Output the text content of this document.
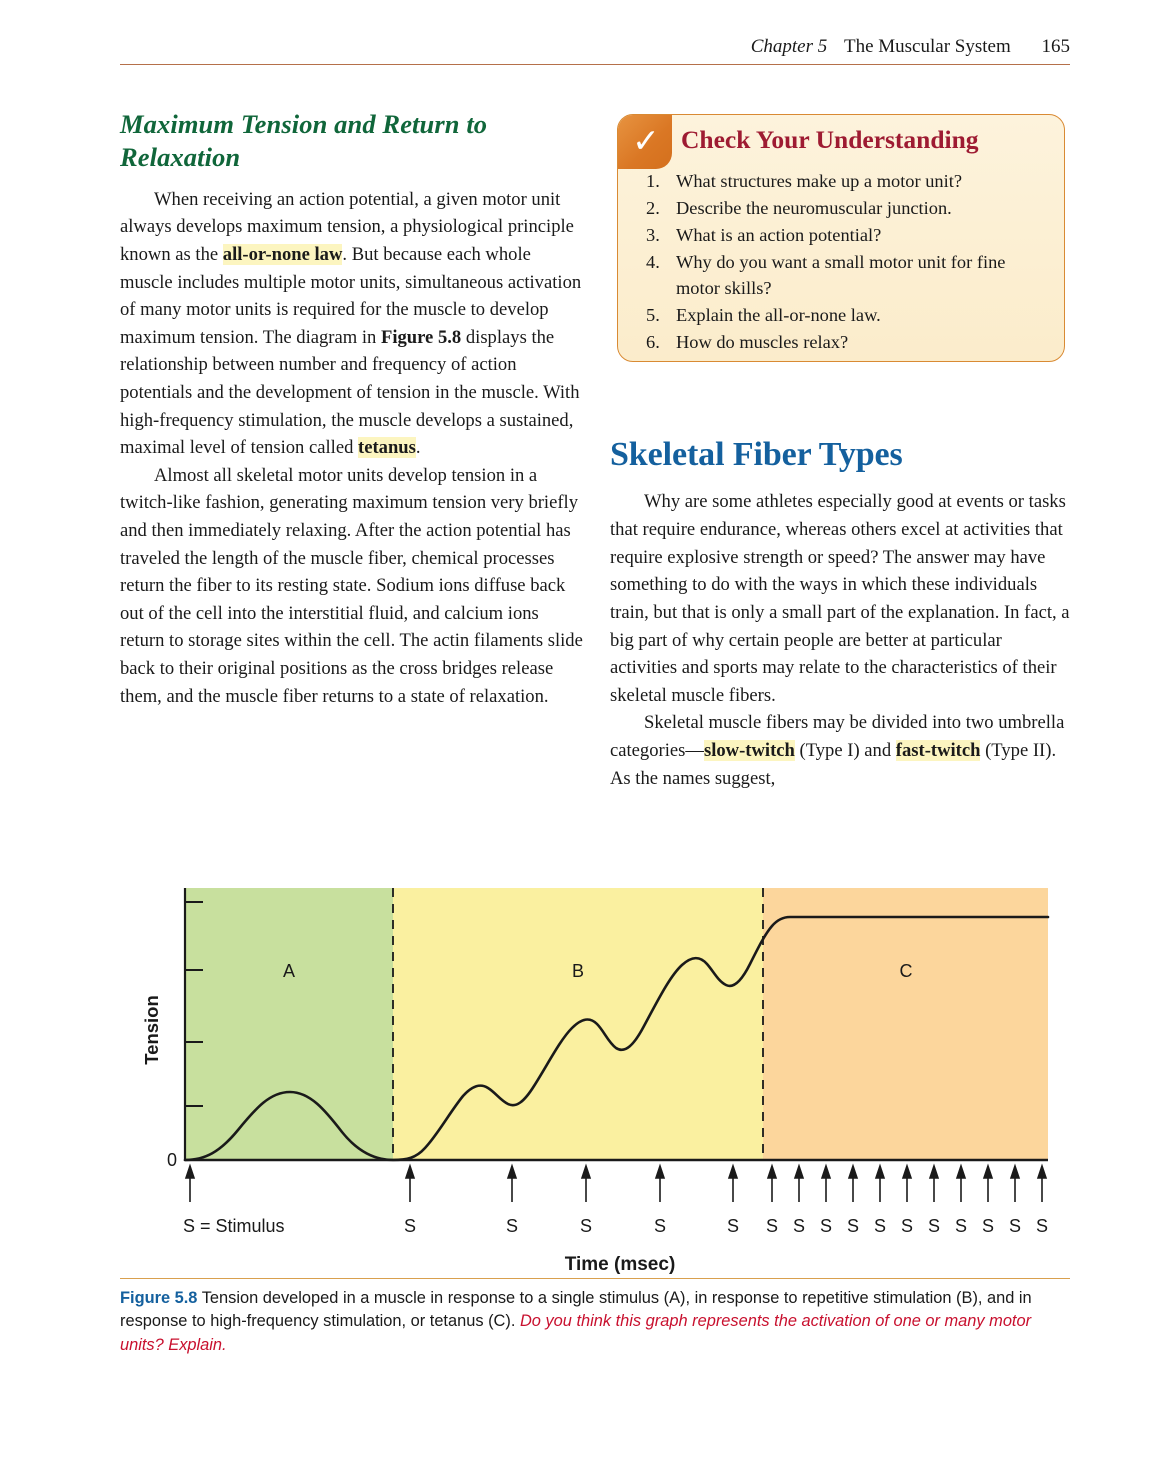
Chapter 5 The Muscular System 165
Maximum Tension and Return to Relaxation

When receiving an action potential, a given motor unit always develops maximum tension, a physiological principle known as the all-or-none law. But because each whole muscle includes multiple motor units, simultaneous activation of many motor units is required for the muscle to develop maximum tension. The diagram in Figure 5.8 displays the relationship between number and frequency of action potentials and the development of tension in the muscle. With high-frequency stimulation, the muscle develops a sustained, maximal level of tension called tetanus.

Almost all skeletal motor units develop tension in a twitch-like fashion, generating maximum tension very briefly and then immediately relaxing. After the action potential has traveled the length of the muscle fiber, chemical processes return the fiber to its resting state. Sodium ions diffuse back out of the cell into the interstitial fluid, and calcium ions return to storage sites within the cell. The actin filaments slide back to their original positions as the cross bridges release them, and the muscle fiber returns to a state of relaxation.

✓ Check Your Understanding
1. What structures make up a motor unit?
2. Describe the neuromuscular junction.
3. What is an action potential?
4. Why do you want a small motor unit for fine motor skills?
5. Explain the all-or-none law.
6. How do muscles relax?
Skeletal Fiber Types

Why are some athletes especially good at events or tasks that require endurance, whereas others excel at activities that require explosive strength or speed? The answer may have something to do with the ways in which these individuals train, but that is only a small part of the explanation. In fact, a big part of why certain people are better at particular activities and sports may relate to the characteristics of their skeletal muscle fibers.

Skeletal muscle fibers may be divided into two umbrella categories—slow-twitch (Type I) and fast-twitch (Type II). As the names suggest,

A	B	C
Tension
0
S = Stimulus	S	S	S	S	S S S S S S S S S S S S
Time (msec)
Figure 5.8 Tension developed in a muscle in response to a single stimulus (A), in response to repetitive stimulation (B), and in response to high-frequency stimulation, or tetanus (C). Do you think this graph represents the activation of one or many motor units? Explain.
